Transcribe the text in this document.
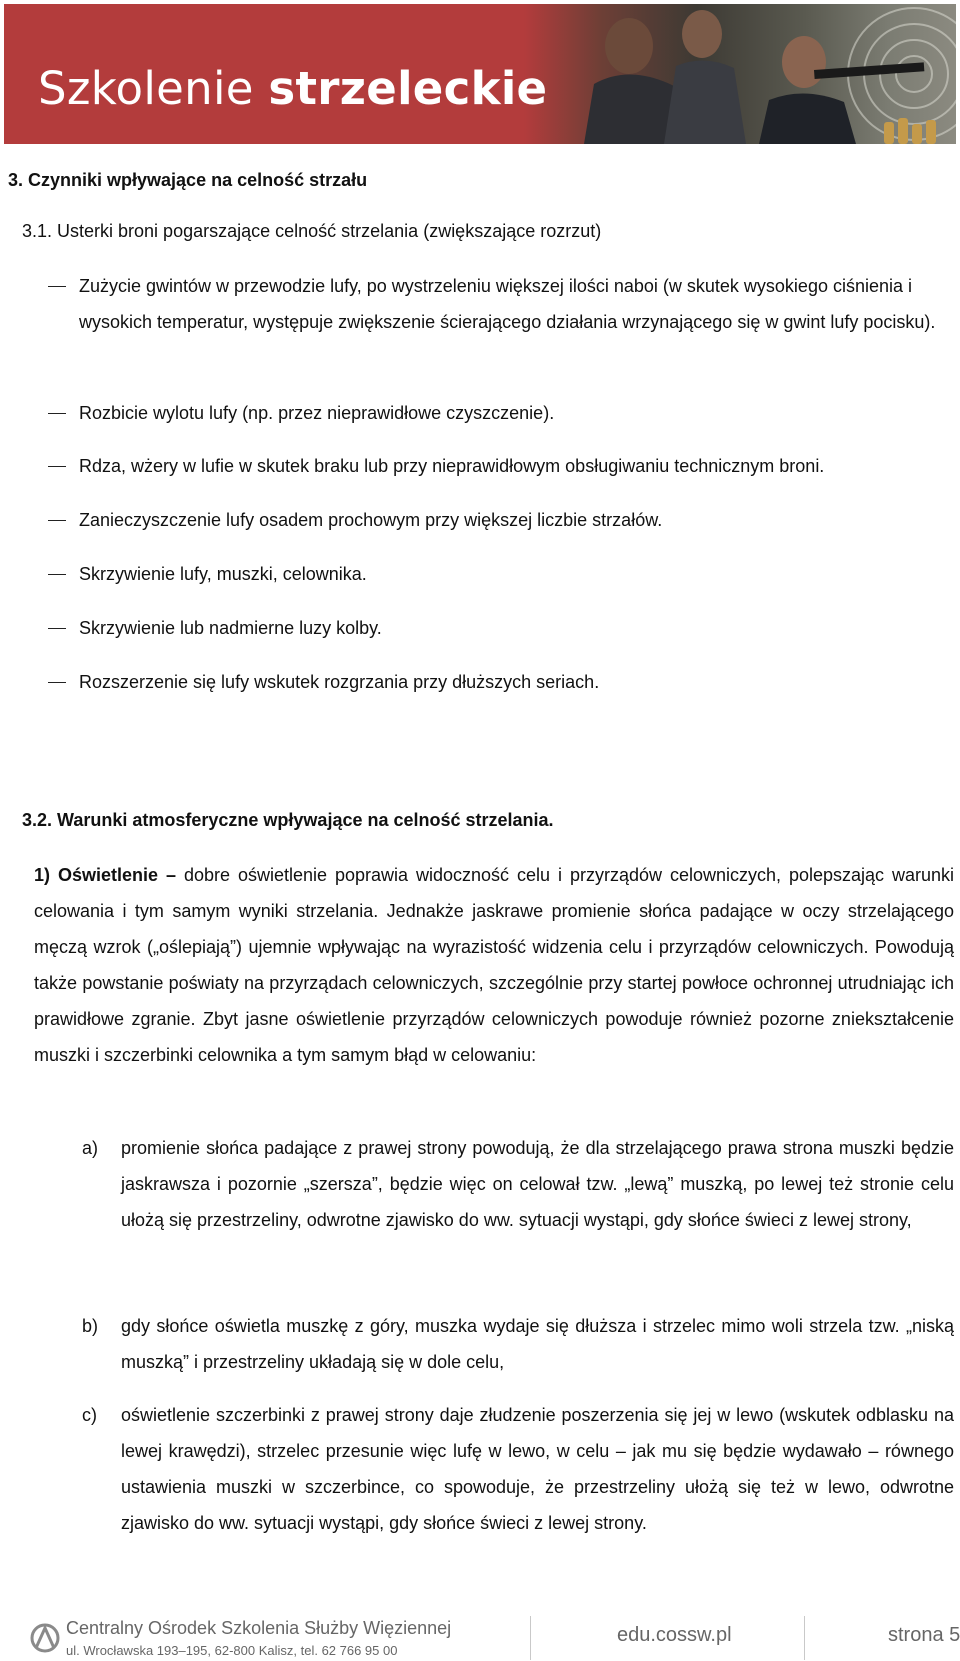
Szkolenie strzeleckie
3. Czynniki wpływające na celność strzału
3.1. Usterki broni pogarszające celność strzelania (zwiększające rozrzut)
Zużycie gwintów w przewodzie lufy, po wystrzeleniu większej ilości naboi (w skutek wysokiego ciśnienia i wysokich temperatur, występuje zwiększenie ścierającego działania wrzynającego się w gwint lufy pocisku).
Rozbicie wylotu lufy (np. przez nieprawidłowe czyszczenie).
Rdza, wżery w lufie w skutek braku lub przy nieprawidłowym obsługiwaniu technicznym broni.
Zanieczyszczenie lufy osadem prochowym przy większej liczbie strzałów.
Skrzywienie lufy, muszki, celownika.
Skrzywienie lub nadmierne luzy kolby.
Rozszerzenie się lufy wskutek rozgrzania przy dłuższych seriach.
3.2. Warunki atmosferyczne wpływające na celność strzelania.
1) Oświetlenie – dobre oświetlenie poprawia widoczność celu i przyrządów celowniczych, polepszając warunki celowania i tym samym wyniki strzelania. Jednakże jaskrawe promienie słońca padające w oczy strzelającego męczą wzrok („oślepiają”) ujemnie wpływając na wyrazistość widzenia celu i przyrządów celowniczych. Powodują także powstanie poświaty na przyrządach celowniczych, szczególnie przy startej powłoce ochronnej utrudniając ich prawidłowe zgranie. Zbyt jasne oświetlenie przyrządów celowniczych powoduje również pozorne zniekształcenie muszki i szczerbinki celownika a tym samym błąd w celowaniu:
a) promienie słońca padające z prawej strony powodują, że dla strzelającego prawa strona muszki będzie jaskrawsza i pozornie „szersza”, będzie więc on celował tzw. „lewą” muszką, po lewej też stronie celu ułożą się przestrzeliny, odwrotne zjawisko do ww. sytuacji wystąpi, gdy słońce świeci z lewej strony,
b) gdy słońce oświetla muszkę z góry, muszka wydaje się dłuższa i strzelec mimo woli strzela tzw. „niską muszką” i przestrzeliny układają się w dole celu,
c) oświetlenie szczerbinki z prawej strony daje złudzenie poszerzenia się jej w lewo (wskutek odblasku na lewej krawędzi), strzelec przesunie więc lufę w lewo, w celu – jak mu się będzie wydawało – równego ustawienia muszki w szczerbince, co spowoduje, że przestrzeliny ułożą się też w lewo, odwrotne zjawisko do ww. sytuacji wystąpi, gdy słońce świeci z lewej strony.
Centralny Ośrodek Szkolenia Służby Więziennej
ul. Wrocławska 193–195, 62-800 Kalisz, tel. 62 766 95 00
edu.cossw.pl	strona 5
